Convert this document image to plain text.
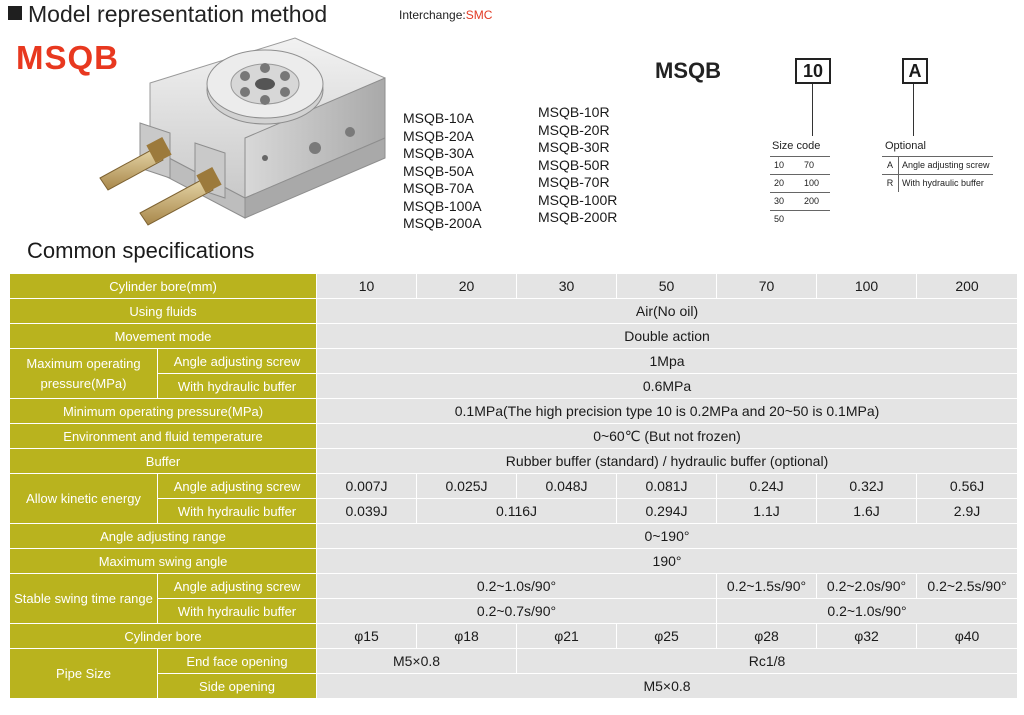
Model representation method	Interchange:SMC
MSQB
MSQB-10A
MSQB-20A
MSQB-30A
MSQB-50A
MSQB-70A
MSQB-100A
MSQB-200A
MSQB-10R
MSQB-20R
MSQB-30R
MSQB-50R
MSQB-70R
MSQB-100R
MSQB-200R
MSQB	10	A
Size code
10	70
20	100
30	200
50	
Optional
A	Angle adjusting screw
R	With hydraulic buffer
Common specifications
Cylinder bore(mm)		10	20	30	50	70	100	200
Using fluids		Air(No oil)						
Movement mode		Double action						
Maximum operating pressure(MPa)	Angle adjusting screw	1Mpa						
	With hydraulic buffer	0.6MPa						
Minimum operating pressure(MPa)		0.1MPa(The high precision type 10 is 0.2MPa and 20~50 is 0.1MPa)						
Environment and fluid temperature		0~60℃ (But not frozen)						
Buffer		Rubber buffer (standard) / hydraulic buffer (optional)						
Allow kinetic energy	Angle adjusting screw	0.007J	0.025J	0.048J	0.081J	0.24J	0.32J	0.56J
	With hydraulic buffer	0.039J	0.116J		0.294J	1.1J	1.6J	2.9J
Angle adjusting range		0~190°						
Maximum swing angle		190°						
Stable swing time range	Angle adjusting screw	0.2~1.0s/90°				0.2~1.5s/90°	0.2~2.0s/90°	0.2~2.5s/90°
	With hydraulic buffer	0.2~0.7s/90°				0.2~1.0s/90°		
Cylinder bore		φ15	φ18	φ21	φ25	φ28	φ32	φ40
Pipe Size	End face opening	M5×0.8		Rc1/8				
	Side opening	M5×0.8						
